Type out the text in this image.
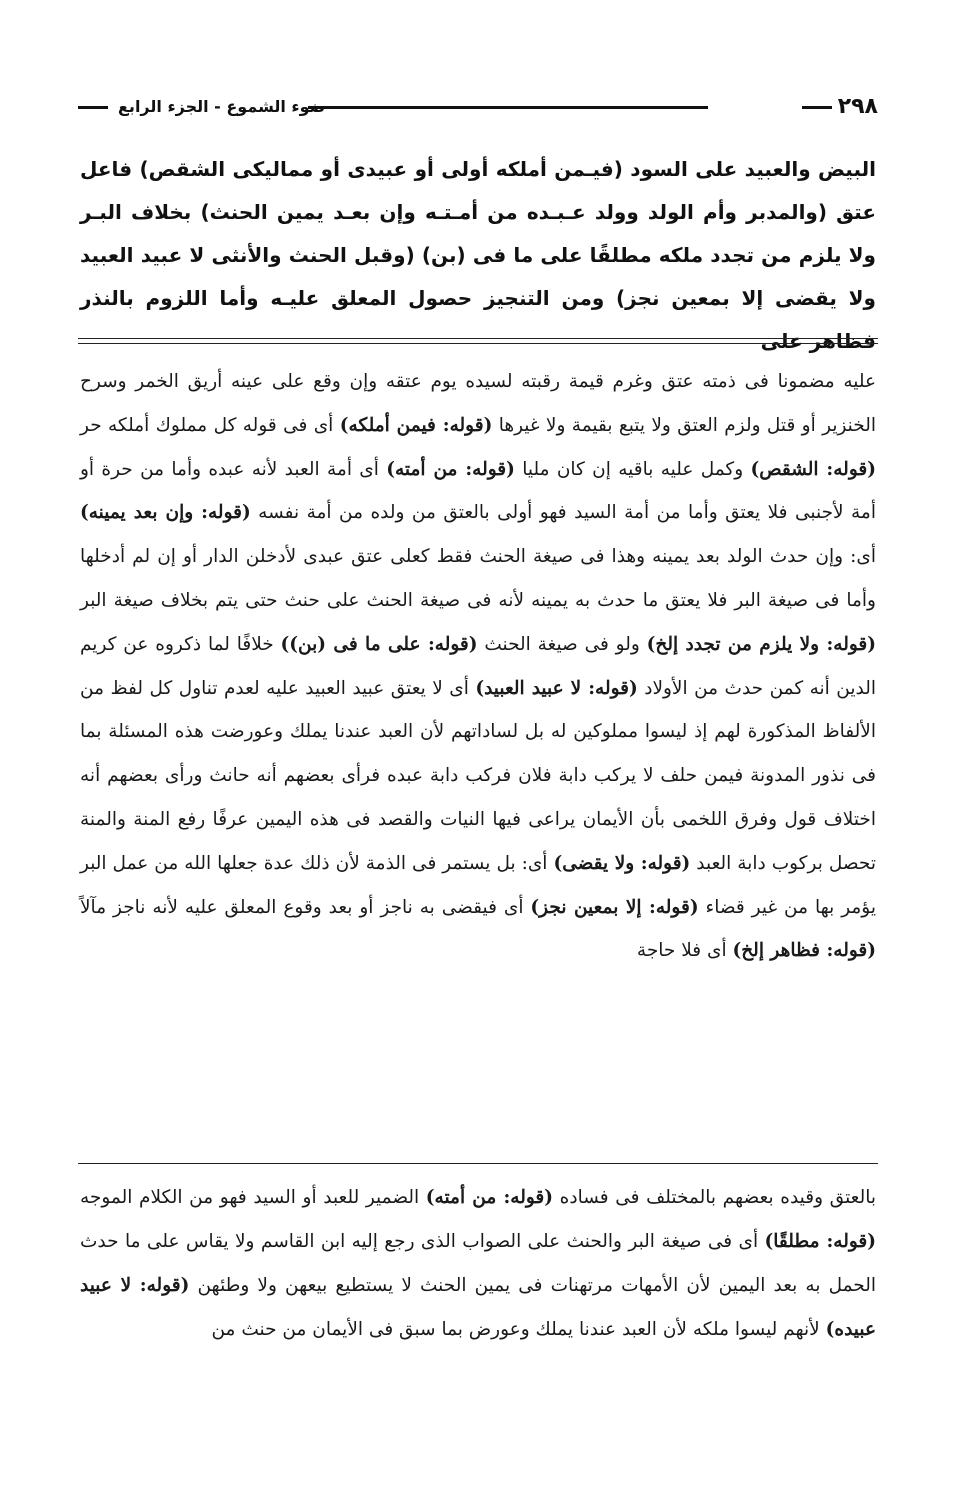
٢٩٨
ضوء الشموع - الجزء الرابع

البيض والعبيد على السود (فيـمن أملكه أولى أو عبيدى أو مماليكى الشقص) فاعل عتق (والمدبر وأم الولد وولد عـبـده من أمـتـه وإن بعـد يمين الحنث) بخلاف البـر ولا يلزم من تجدد ملكه مطلقًا على ما فى (بن) (وقبل الحنث والأنثى لا عبيد العبيد ولا يقضى إلا بمعين نجز) ومن التنجيز حصول المعلق عليـه وأما اللزوم بالنذر فظاهر على

عليه مضمونا فى ذمته عتق وغرم قيمة رقبته لسيده يوم عتقه وإن وقع على عينه أريق الخمر وسرح الخنزير أو قتل ولزم العتق ولا يتبع بقيمة ولا غيرها (قوله: فيمن أملكه) أى فى قوله كل مملوك أملكه حر (قوله: الشقص) وكمل عليه باقيه إن كان مليا (قوله: من أمته) أى أمة العبد لأنه عبده وأما من حرة أو أمة لأجنبى فلا يعتق وأما من أمة السيد فهو أولى بالعتق من ولده من أمة نفسه (قوله: وإن بعد يمينه) أى: وإن حدث الولد بعد يمينه وهذا فى صيغة الحنث فقط كعلى عتق عبدى لأدخلن الدار أو إن لم أدخلها وأما فى صيغة البر فلا يعتق ما حدث به يمينه لأنه فى صيغة الحنث على حنث حتى يتم بخلاف صيغة البر (قوله: ولا يلزم من تجدد إلخ) ولو فى صيغة الحنث (قوله: على ما فى (بن)) خلافًا لما ذكروه عن كريم الدين أنه كمن حدث من الأولاد (قوله: لا عبيد العبيد) أى لا يعتق عبيد العبيد عليه لعدم تناول كل لفظ من الألفاظ المذكورة لهم إذ ليسوا مملوكين له بل لساداتهم لأن العبد عندنا يملك وعورضت هذه المسئلة بما فى نذور المدونة فيمن حلف لا يركب دابة فلان فركب دابة عبده فرأى بعضهم أنه حانث ورأى بعضهم أنه اختلاف قول وفرق اللخمى بأن الأيمان يراعى فيها النيات والقصد فى هذه اليمين عرفًا رفع المنة والمنة تحصل بركوب دابة العبد (قوله: ولا يقضى) أى: بل يستمر فى الذمة لأن ذلك عدة جعلها الله من عمل البر يؤمر بها من غير قضاء (قوله: إلا بمعين نجز) أى فيقضى به ناجز أو بعد وقوع المعلق عليه لأنه ناجز مآلاً (قوله: فظاهر إلخ) أى فلا حاجة

بالعتق وقيده بعضهم بالمختلف فى فساده (قوله: من أمته) الضمير للعبد أو السيد فهو من الكلام الموجه (قوله: مطلقًا) أى فى صيغة البر والحنث على الصواب الذى رجع إليه ابن القاسم ولا يقاس على ما حدث الحمل به بعد اليمين لأن الأمهات مرتهنات فى يمين الحنث لا يستطيع بيعهن ولا وطئهن (قوله: لا عبيد عبيده) لأنهم ليسوا ملكه لأن العبد عندنا يملك وعورض بما سبق فى الأيمان من حنث من
